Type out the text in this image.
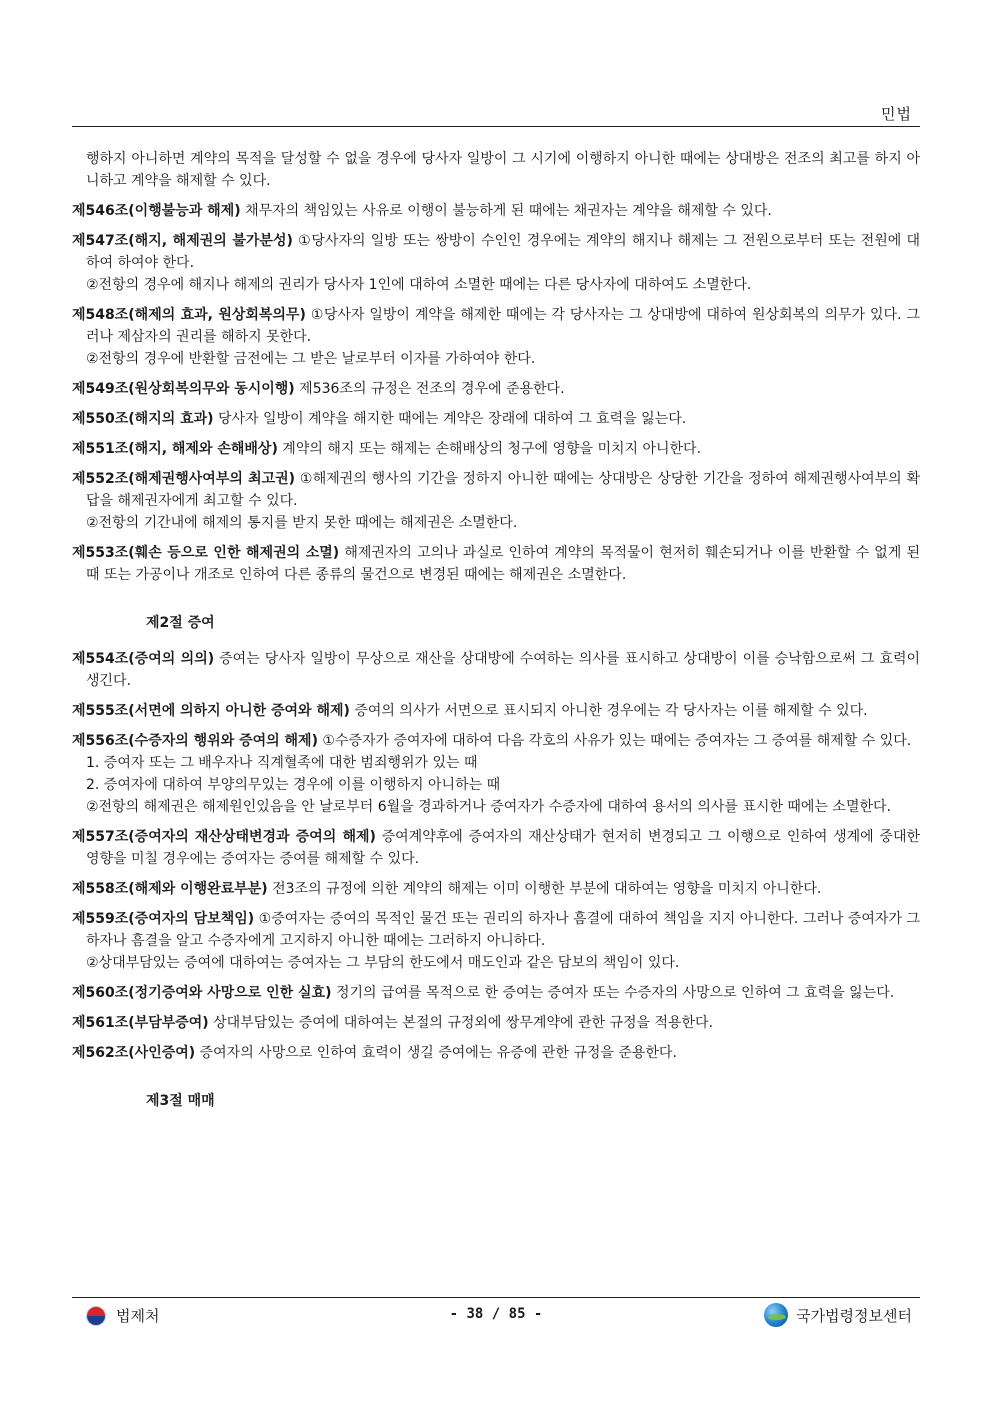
민법
행하지 아니하면 계약의 목적을 달성할 수 없을 경우에 당사자 일방이 그 시기에 이행하지 아니한 때에는 상대방은 전조의 최고를 하지 아니하고 계약을 해제할 수 있다.
제546조(이행불능과 해제) 채무자의 책임있는 사유로 이행이 불능하게 된 때에는 채권자는 계약을 해제할 수 있다.
제547조(해지, 해제권의 불가분성) ①당사자의 일방 또는 쌍방이 수인인 경우에는 계약의 해지나 해제는 그 전원으로부터 또는 전원에 대하여 하여야 한다.
②전항의 경우에 해지나 해제의 권리가 당사자 1인에 대하여 소멸한 때에는 다른 당사자에 대하여도 소멸한다.
제548조(해제의 효과, 원상회복의무) ①당사자 일방이 계약을 해제한 때에는 각 당사자는 그 상대방에 대하여 원상회복의 의무가 있다. 그러나 제삼자의 권리를 해하지 못한다.
②전항의 경우에 반환할 금전에는 그 받은 날로부터 이자를 가하여야 한다.
제549조(원상회복의무와 동시이행) 제536조의 규정은 전조의 경우에 준용한다.
제550조(해지의 효과) 당사자 일방이 계약을 해지한 때에는 계약은 장래에 대하여 그 효력을 잃는다.
제551조(해지, 해제와 손해배상) 계약의 해지 또는 해제는 손해배상의 청구에 영향을 미치지 아니한다.
제552조(해제권행사여부의 최고권) ①해제권의 행사의 기간을 정하지 아니한 때에는 상대방은 상당한 기간을 정하여 해제권행사여부의 확답을 해제권자에게 최고할 수 있다.
②전항의 기간내에 해제의 통지를 받지 못한 때에는 해제권은 소멸한다.
제553조(훼손 등으로 인한 해제권의 소멸) 해제권자의 고의나 과실로 인하여 계약의 목적물이 현저히 훼손되거나 이를 반환할 수 없게 된 때 또는 가공이나 개조로 인하여 다른 종류의 물건으로 변경된 때에는 해제권은 소멸한다.
제2절 증여
제554조(증여의 의의) 증여는 당사자 일방이 무상으로 재산을 상대방에 수여하는 의사를 표시하고 상대방이 이를 승낙함으로써 그 효력이 생긴다.
제555조(서면에 의하지 아니한 증여와 해제) 증여의 의사가 서면으로 표시되지 아니한 경우에는 각 당사자는 이를 해제할 수 있다.
제556조(수증자의 행위와 증여의 해제) ①수증자가 증여자에 대하여 다음 각호의 사유가 있는 때에는 증여자는 그 증여를 해제할 수 있다.
1. 증여자 또는 그 배우자나 직계혈족에 대한 범죄행위가 있는 때
2. 증여자에 대하여 부양의무있는 경우에 이를 이행하지 아니하는 때
②전항의 해제권은 해제원인있음을 안 날로부터 6월을 경과하거나 증여자가 수증자에 대하여 용서의 의사를 표시한 때에는 소멸한다.
제557조(증여자의 재산상태변경과 증여의 해제) 증여계약후에 증여자의 재산상태가 현저히 변경되고 그 이행으로 인하여 생계에 중대한 영향을 미칠 경우에는 증여자는 증여를 해제할 수 있다.
제558조(해제와 이행완료부분) 전3조의 규정에 의한 계약의 해제는 이미 이행한 부분에 대하여는 영향을 미치지 아니한다.
제559조(증여자의 담보책임) ①증여자는 증여의 목적인 물건 또는 권리의 하자나 흠결에 대하여 책임을 지지 아니한다. 그러나 증여자가 그 하자나 흠결을 알고 수증자에게 고지하지 아니한 때에는 그러하지 아니하다.
②상대부담있는 증여에 대하여는 증여자는 그 부담의 한도에서 매도인과 같은 담보의 책임이 있다.
제560조(정기증여와 사망으로 인한 실효) 정기의 급여를 목적으로 한 증여는 증여자 또는 수증자의 사망으로 인하여 그 효력을 잃는다.
제561조(부담부증여) 상대부담있는 증여에 대하여는 본절의 규정외에 쌍무계약에 관한 규정을 적용한다.
제562조(사인증여) 증여자의 사망으로 인하여 효력이 생길 증여에는 유증에 관한 규정을 준용한다.
제3절 매매
법제처	- 38 / 85 -	국가법령정보센터
